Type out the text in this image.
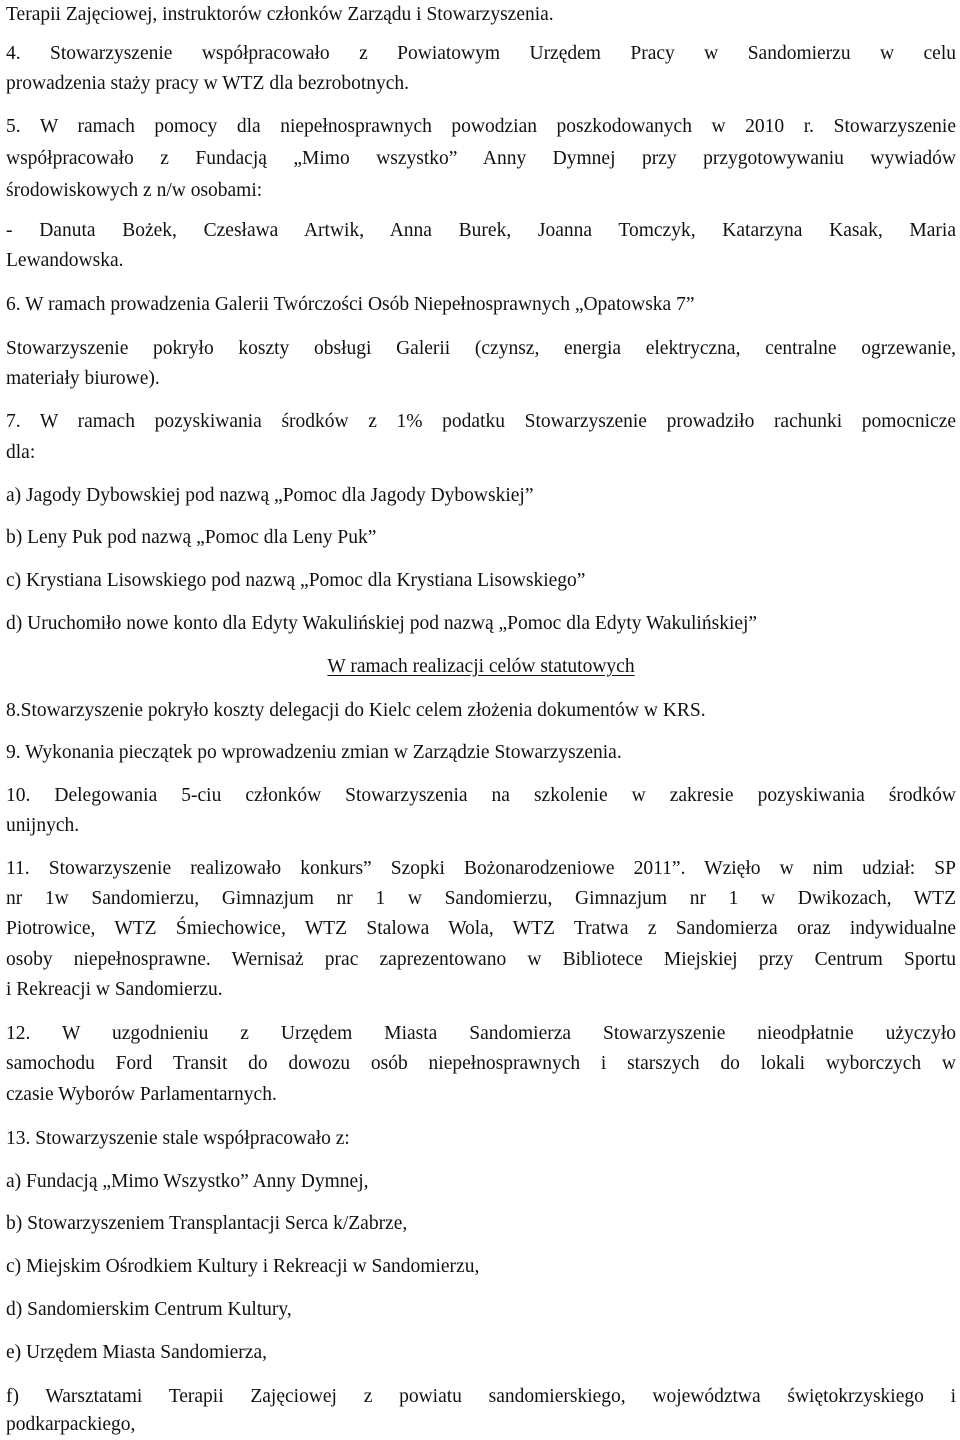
Terapii Zajęciowej, instruktorów członków Zarządu i Stowarzyszenia.
4. Stowarzyszenie współpracowało z Powiatowym Urzędem Pracy w Sandomierzu w celu
prowadzenia staży pracy w WTZ dla bezrobotnych.
5. W ramach pomocy dla niepełnosprawnych powodzian poszkodowanych w 2010 r. Stowarzyszenie
współpracowało z Fundacją „Mimo wszystko” Anny Dymnej przy przygotowywaniu wywiadów
środowiskowych z n/w osobami:
- Danuta Bożek, Czesława Artwik, Anna Burek, Joanna Tomczyk, Katarzyna Kasak, Maria
Lewandowska.
6. W ramach prowadzenia Galerii Twórczości Osób Niepełnosprawnych „Opatowska 7”
Stowarzyszenie pokryło koszty obsługi Galerii (czynsz, energia elektryczna, centralne ogrzewanie,
materiały biurowe).
7. W ramach pozyskiwania środków z 1% podatku Stowarzyszenie prowadziło rachunki pomocnicze
dla:
a) Jagody Dybowskiej pod nazwą „Pomoc dla Jagody Dybowskiej”
b) Leny Puk pod nazwą „Pomoc dla Leny Puk”
c) Krystiana Lisowskiego pod nazwą „Pomoc dla Krystiana Lisowskiego”
d) Uruchomiło nowe konto dla Edyty Wakulińskiej pod nazwą „Pomoc dla Edyty Wakulińskiej”
W ramach realizacji celów statutowych
8.Stowarzyszenie pokryło koszty delegacji do Kielc celem złożenia dokumentów w KRS.
9. Wykonania pieczątek po wprowadzeniu zmian w Zarządzie Stowarzyszenia.
10. Delegowania 5-ciu członków Stowarzyszenia na szkolenie w zakresie pozyskiwania środków
unijnych.
11. Stowarzyszenie realizowało konkurs” Szopki Bożonarodzeniowe 2011”. Wzięło w nim udział: SP
nr 1w Sandomierzu, Gimnazjum nr 1 w Sandomierzu, Gimnazjum nr 1 w Dwikozach, WTZ
Piotrowice, WTZ Śmiechowice, WTZ Stalowa Wola, WTZ Tratwa z Sandomierza oraz indywidualne
osoby niepełnosprawne. Wernisaż prac zaprezentowano w Bibliotece Miejskiej przy Centrum Sportu
i Rekreacji w Sandomierzu.
12. W uzgodnieniu z Urzędem Miasta Sandomierza Stowarzyszenie nieodpłatnie użyczyło
samochodu Ford Transit do dowozu osób niepełnosprawnych i starszych do lokali wyborczych w
czasie Wyborów Parlamentarnych.
13. Stowarzyszenie stale współpracowało z:
a) Fundacją „Mimo Wszystko” Anny Dymnej,
b) Stowarzyszeniem Transplantacji Serca k/Zabrze,
c) Miejskim Ośrodkiem Kultury i Rekreacji w Sandomierzu,
d) Sandomierskim Centrum Kultury,
e) Urzędem Miasta Sandomierza,
f) Warsztatami Terapii Zajęciowej z powiatu sandomierskiego, województwa świętokrzyskiego i
podkarpackiego,
